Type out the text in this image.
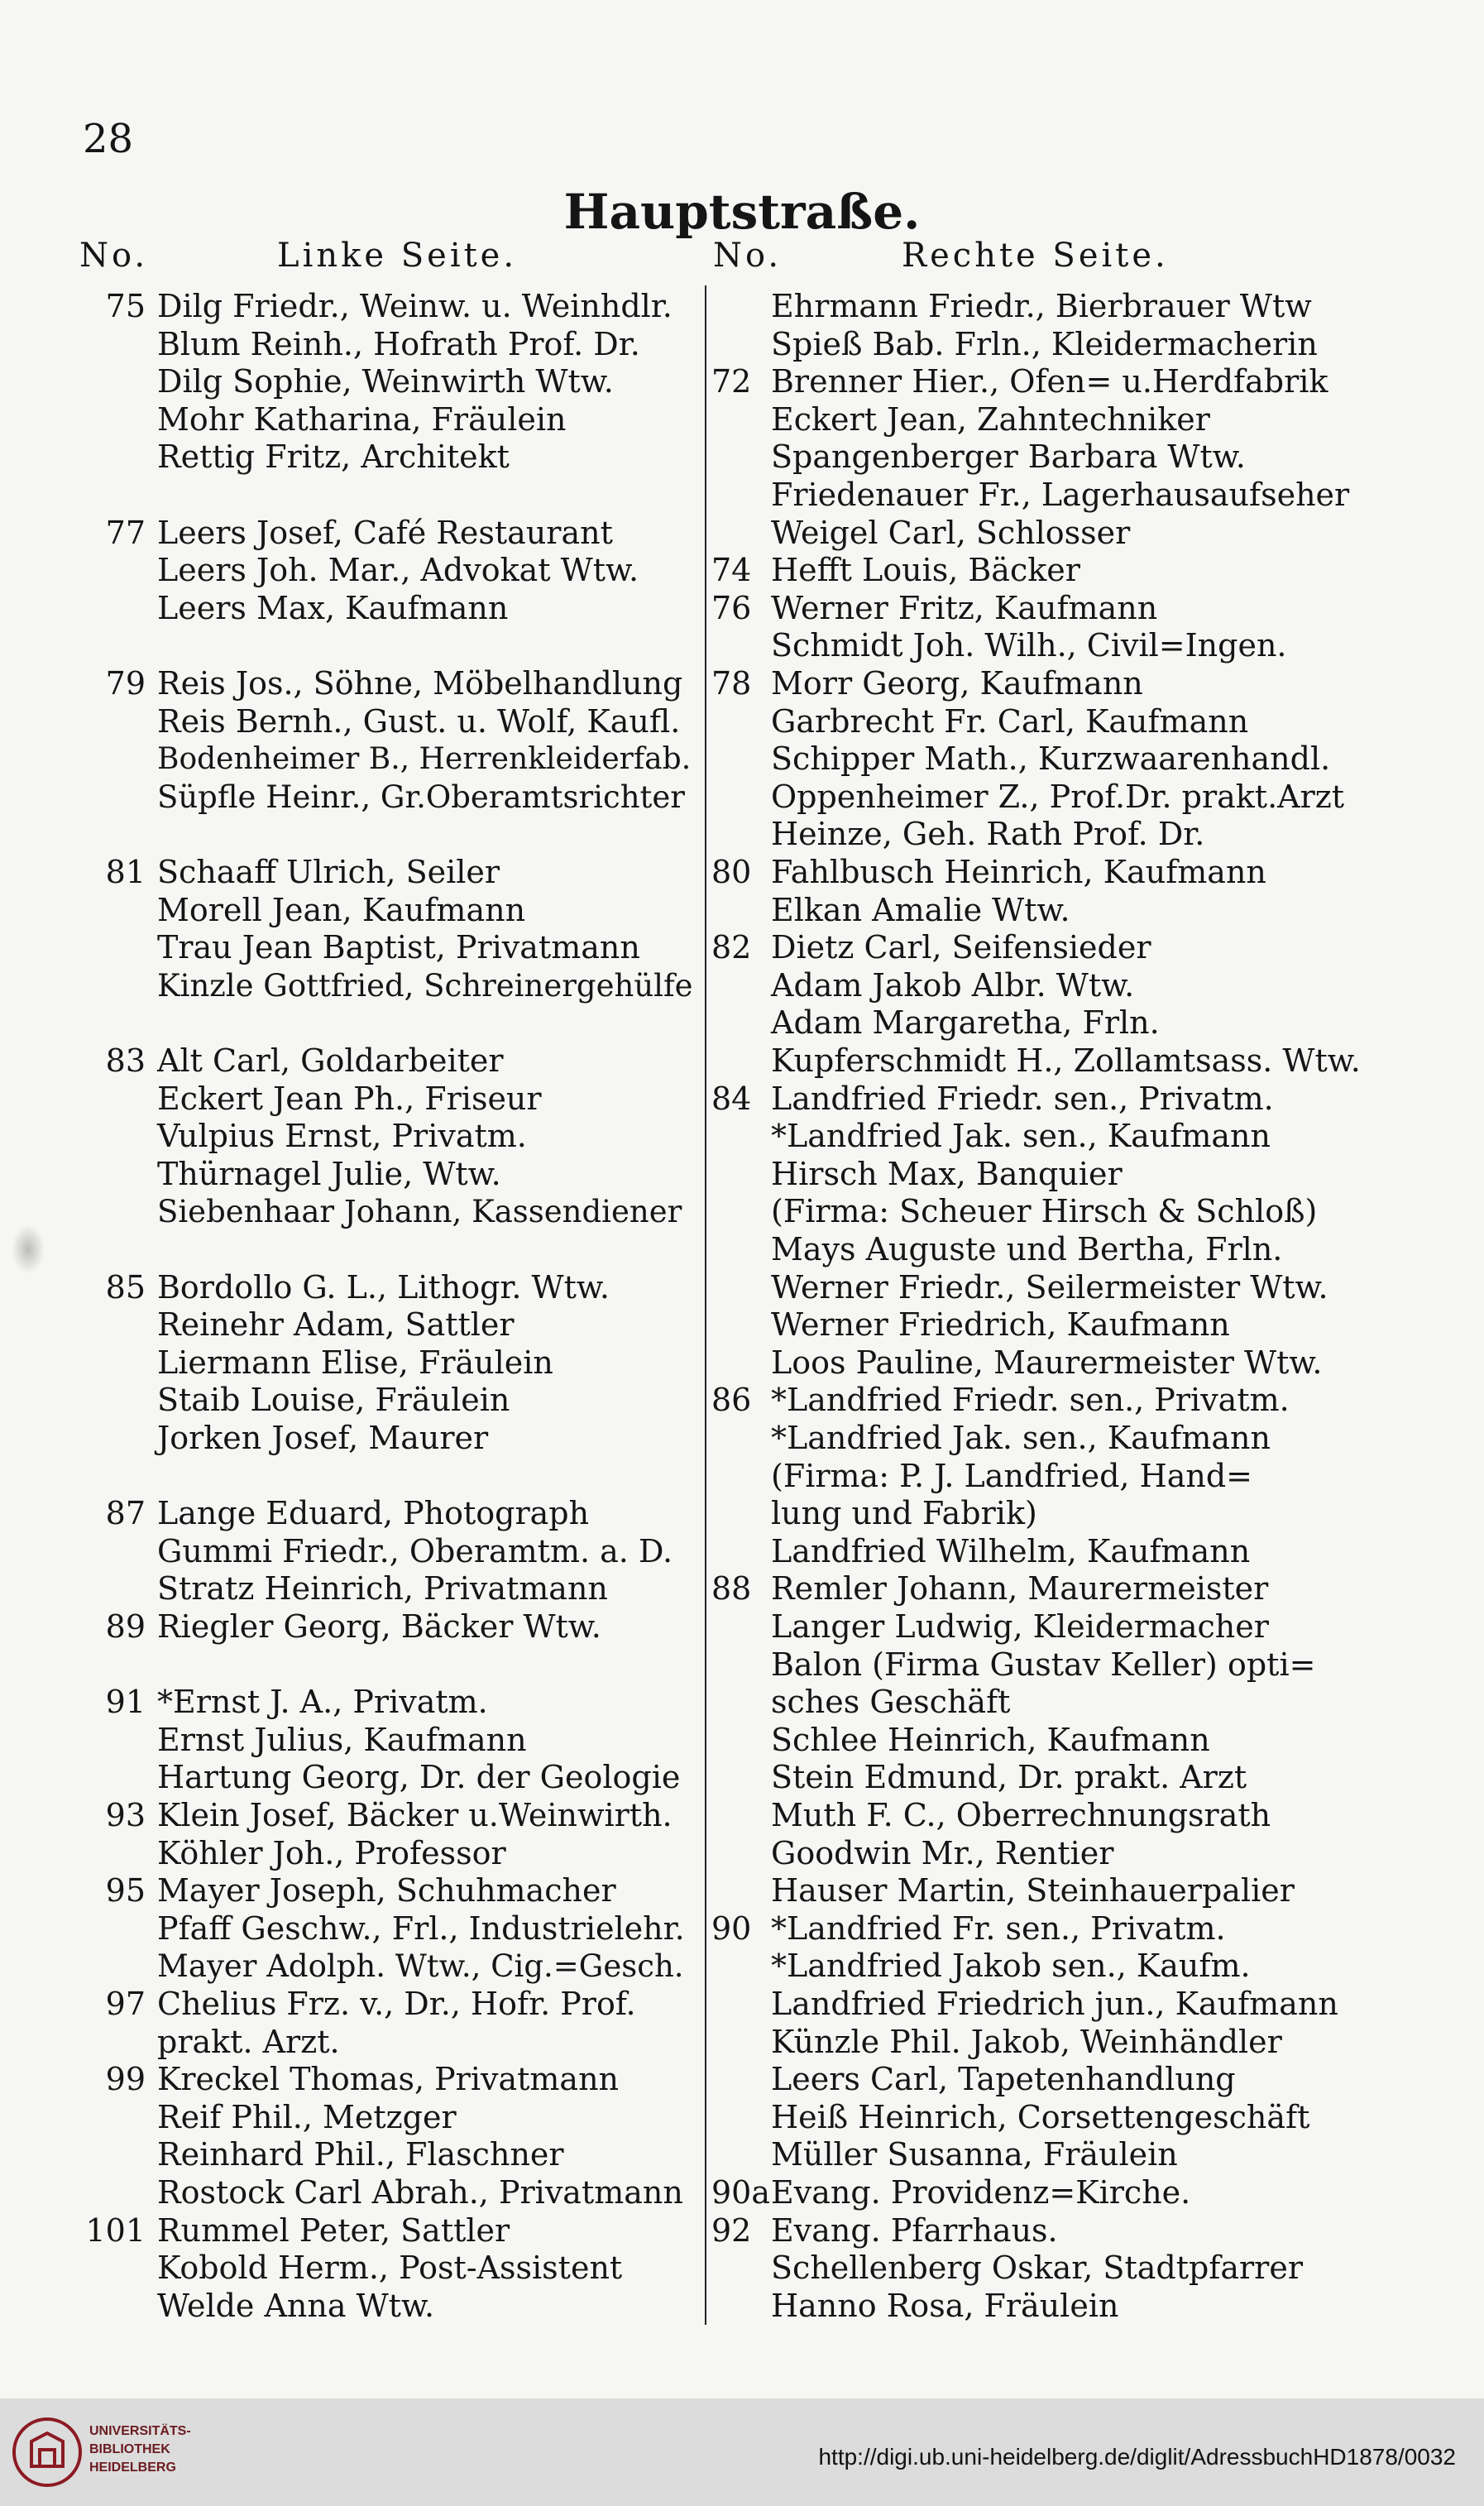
28
Hauptstraße.
No.	Linke Seite.	No.	Rechte Seite.
75 Dilg Friedr., Weinw. u. Weinhdlr.
Blum Reinh., Hofrath Prof. Dr.
Dilg Sophie, Weinwirth Wtw.
Mohr Katharina, Fräulein
Rettig Fritz, Architekt
77 Leers Josef, Café Restaurant
Leers Joh. Mar., Advokat Wtw.
Leers Max, Kaufmann
79 Reis Jos., Söhne, Möbelhandlung
Reis Bernh., Gust. u. Wolf, Kaufl.
Bodenheimer B., Herrenkleiderfab.
Süpfle Heinr., Gr.Oberamtsrichter
81 Schaaff Ulrich, Seiler
Morell Jean, Kaufmann
Trau Jean Baptist, Privatmann
Kinzle Gottfried, Schreinergehülfe
83 Alt Carl, Goldarbeiter
Eckert Jean Ph., Friseur
Vulpius Ernst, Privatm.
Thürnagel Julie, Wtw.
Siebenhaar Johann, Kassendiener
85 Bordollo G. L., Lithogr. Wtw.
Reinehr Adam, Sattler
Liermann Elise, Fräulein
Staib Louise, Fräulein
Jorken Josef, Maurer
87 Lange Eduard, Photograph
Gummi Friedr., Oberamtm. a. D.
Stratz Heinrich, Privatmann
89 Riegler Georg, Bäcker Wtw.
91 *Ernst J. A., Privatm.
Ernst Julius, Kaufmann
Hartung Georg, Dr. der Geologie
93 Klein Josef, Bäcker u.Weinwirth.
Köhler Joh., Professor
95 Mayer Joseph, Schuhmacher
Pfaff Geschw., Frl., Industrielehr.
Mayer Adolph. Wtw., Cig.=Gesch.
97 Chelius Frz. v., Dr., Hofr. Prof.
prakt. Arzt.
99 Kreckel Thomas, Privatmann
Reif Phil., Metzger
Reinhard Phil., Flaschner
Rostock Carl Abrah., Privatmann
101 Rummel Peter, Sattler
Kobold Herm., Post-Assistent
Welde Anna Wtw.
Ehrmann Friedr., Bierbrauer Wtw
Spieß Bab. Frln., Kleidermacherin
72 Brenner Hier., Ofen= u.Herdfabrik
Eckert Jean, Zahntechniker
Spangenberger Barbara Wtw.
Friedenauer Fr., Lagerhausaufseher
Weigel Carl, Schlosser
74 Hefft Louis, Bäcker
76 Werner Fritz, Kaufmann
Schmidt Joh. Wilh., Civil=Ingen.
78 Morr Georg, Kaufmann
Garbrecht Fr. Carl, Kaufmann
Schipper Math., Kurzwaarenhandl.
Oppenheimer Z., Prof.Dr. prakt.Arzt
Heinze, Geh. Rath Prof. Dr.
80 Fahlbusch Heinrich, Kaufmann
Elkan Amalie Wtw.
82 Dietz Carl, Seifensieder
Adam Jakob Albr. Wtw.
Adam Margaretha, Frln.
Kupferschmidt H., Zollamtsass. Wtw.
84 Landfried Friedr. sen., Privatm.
*Landfried Jak. sen., Kaufmann
Hirsch Max, Banquier
(Firma: Scheuer Hirsch & Schloß)
Mays Auguste und Bertha, Frln.
Werner Friedr., Seilermeister Wtw.
Werner Friedrich, Kaufmann
Loos Pauline, Maurermeister Wtw.
86 *Landfried Friedr. sen., Privatm.
*Landfried Jak. sen., Kaufmann
(Firma: P. J. Landfried, Hand=
lung und Fabrik)
Landfried Wilhelm, Kaufmann
88 Remler Johann, Maurermeister
Langer Ludwig, Kleidermacher
Balon (Firma Gustav Keller) opti=
sches Geschäft
Schlee Heinrich, Kaufmann
Stein Edmund, Dr. prakt. Arzt
Muth F. C., Oberrechnungsrath
Goodwin Mr., Rentier
Hauser Martin, Steinhauerpalier
90 *Landfried Fr. sen., Privatm.
*Landfried Jakob sen., Kaufm.
Landfried Friedrich jun., Kaufmann
Künzle Phil. Jakob, Weinhändler
Leers Carl, Tapetenhandlung
Heiß Heinrich, Corsettengeschäft
Müller Susanna, Fräulein
90a Evang. Providenz=Kirche.
92 Evang. Pfarrhaus.
Schellenberg Oskar, Stadtpfarrer
Hanno Rosa, Fräulein
UNIVERSITÄTS-
BIBLIOTHEK
HEIDELBERG	http://digi.ub.uni-heidelberg.de/diglit/AdressbuchHD1878/0032
